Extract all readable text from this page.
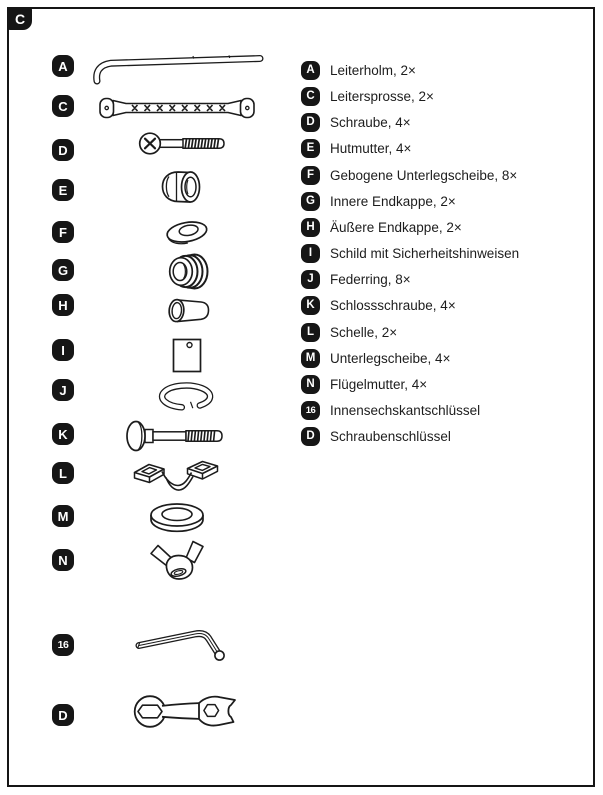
C
A
C
D
E
F
G
H
I
J
K
L
M
N
16
D
A	Leiterholm, 2×
C	Leitersprosse, 2×
D	Schraube, 4×
E	Hutmutter, 4×
F	Gebogene Unterlegscheibe, 8×
G	Innere Endkappe, 2×
H	Äußere Endkappe, 2×
I	Schild mit Sicherheitshinweisen
J	Federring, 8×
K	Schlossschraube, 4×
L	Schelle, 2×
M	Unterlegscheibe, 4×
N	Flügelmutter, 4×
16	Innensechskantschlüssel
D	Schraubenschlüssel
